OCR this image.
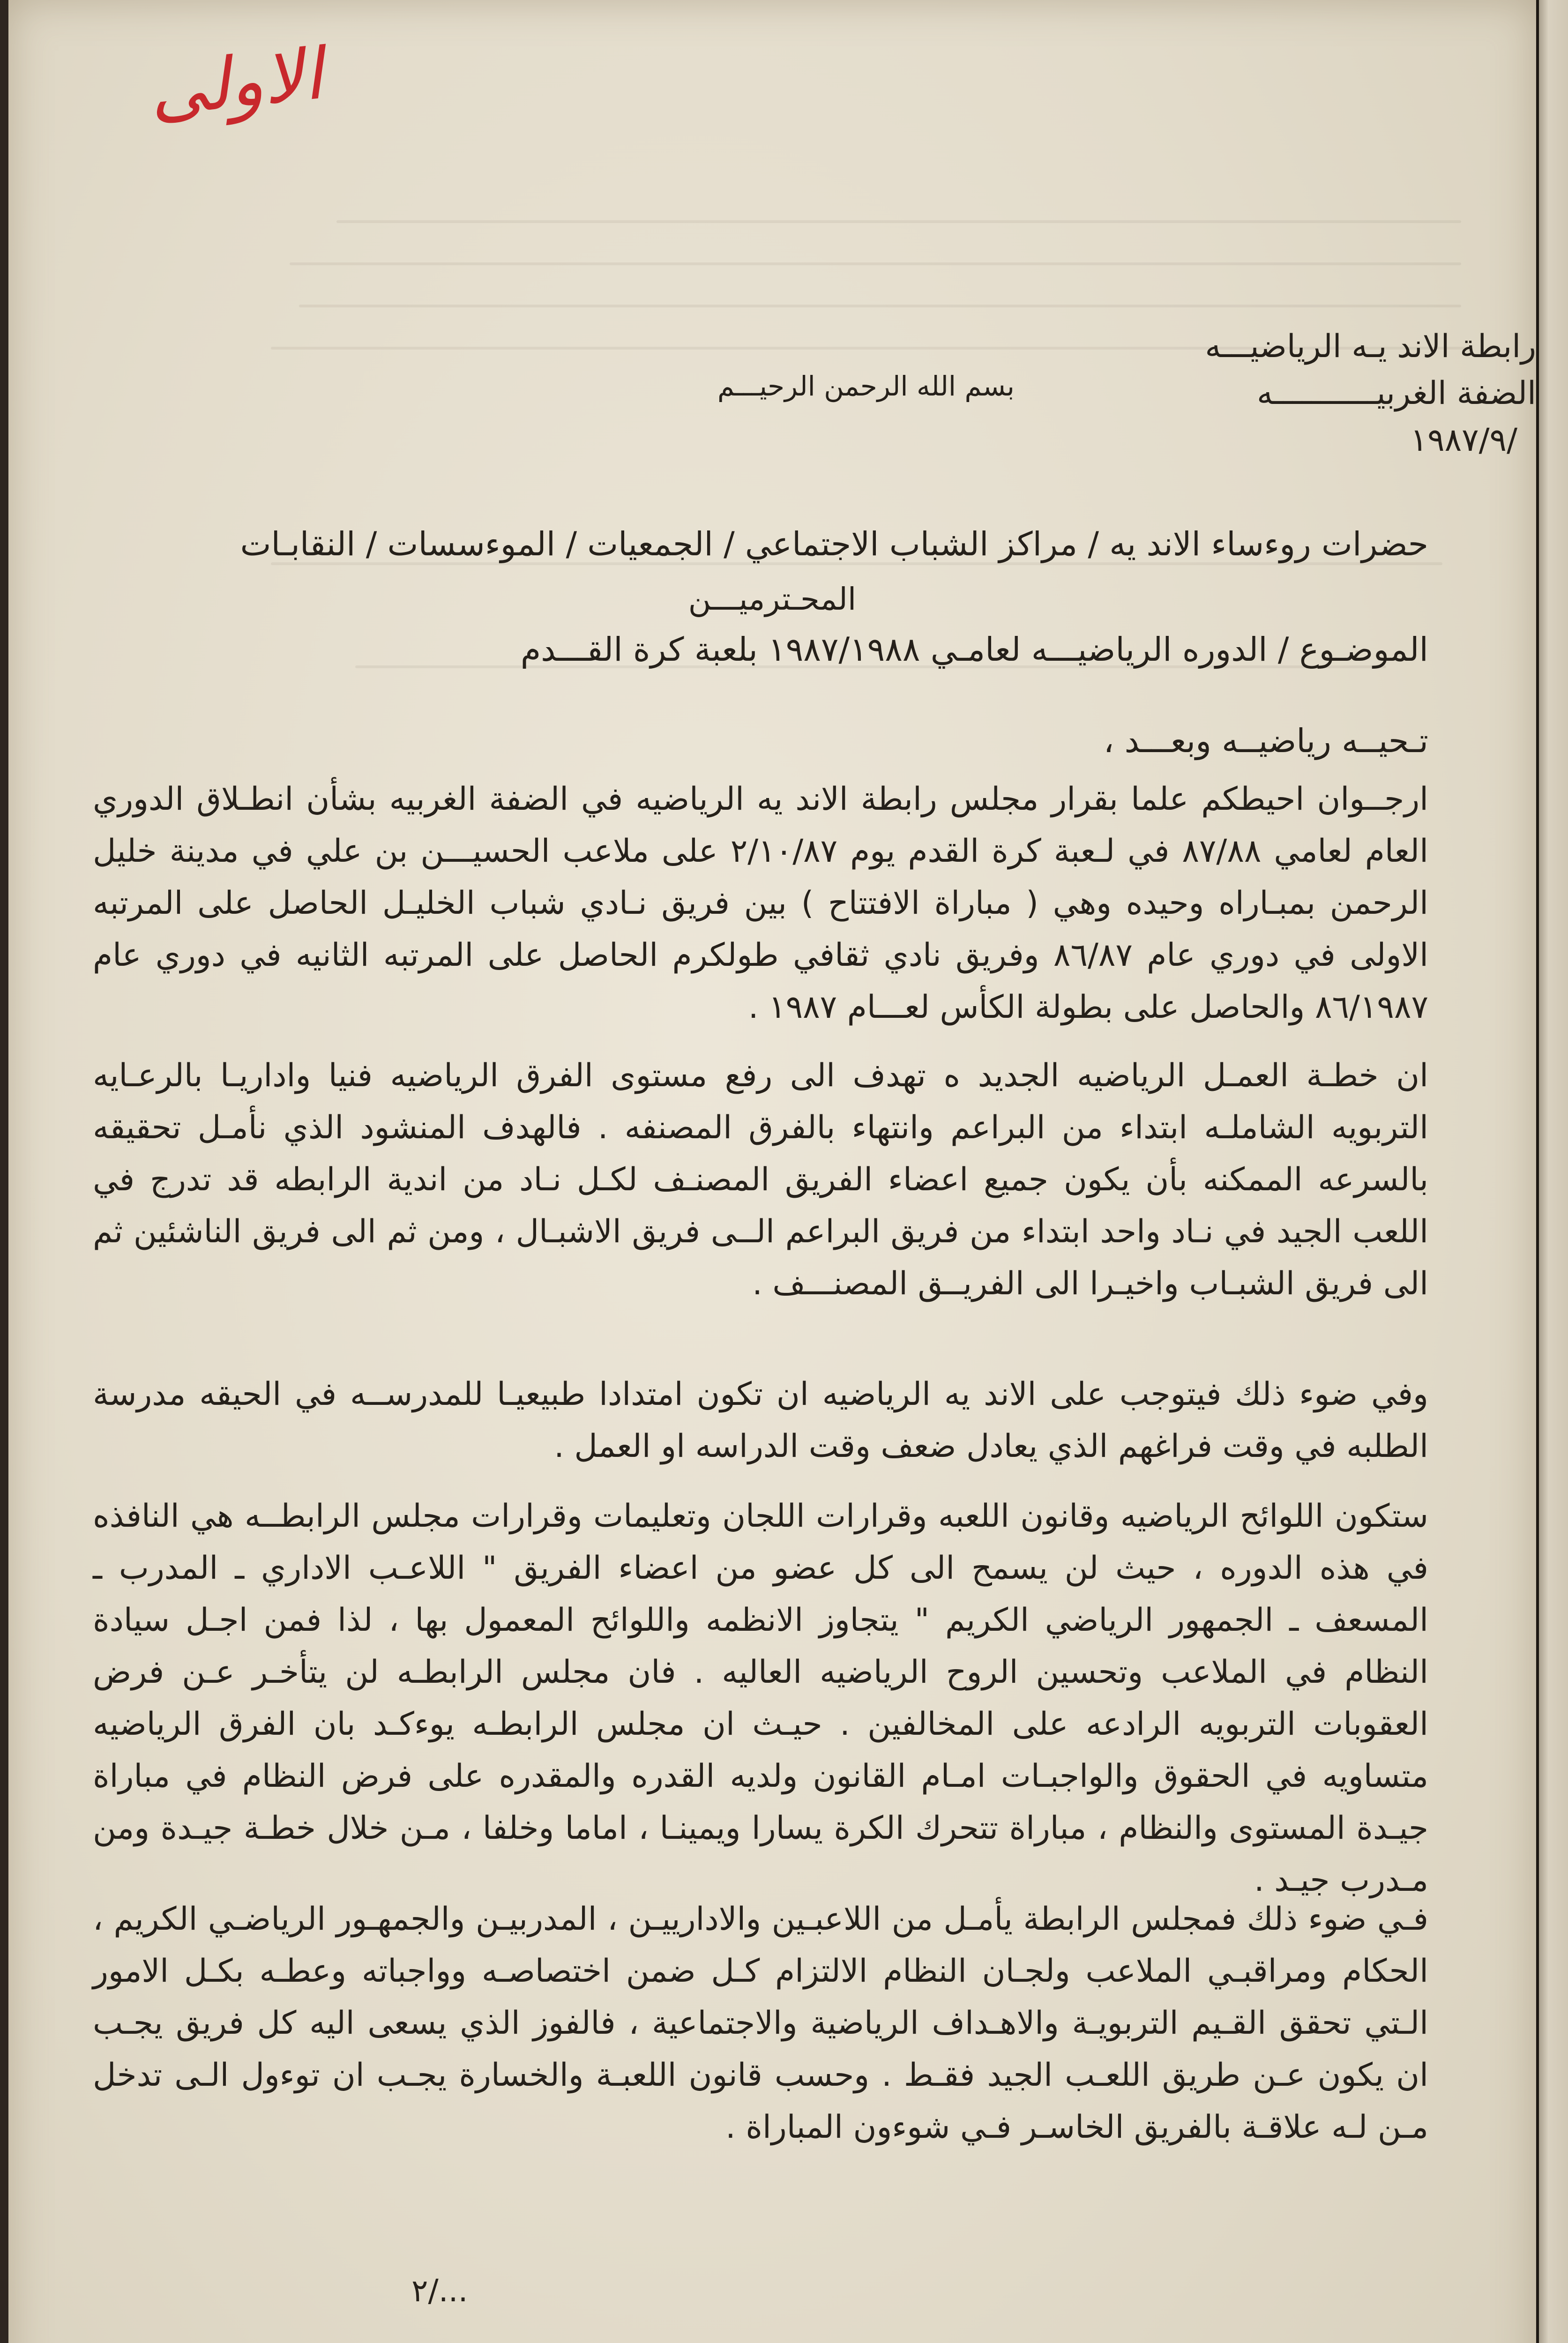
ﺍﻻﻭﻟﻰ
رابطة الاند يـه الرياضيـــه
الضفة الغربيـــــــــــه
١٩٨٧/٩/
بسم الله الرحمن الرحيـــم
حضرات روءساء الاند يه / مراكز الشباب الاجتماعي / الجمعيات / الموءسسات / النقابـات
المحـترميـــن
الموضـوع / الدوره الرياضيـــه لعامـي ١٩٨٧/١٩٨٨ بلعبة كرة القـــدم
تـحيــه رياضيــه وبعـــد ،
ارجــوان احيطكم علما بقرار مجلس رابطة الاند يه الرياضيه في الضفة الغربيه بشأن انطـلاق الدوري العام لعامي ٨٧/٨٨ في لـعبة كرة القدم يوم ٢/١٠/٨٧ على ملاعب الحسيـــن بن علي في مدينة خليل الرحمن بمبـاراه وحيده وهي ( مباراة الافتتاح ) بين فريق نـادي شباب الخليـل الحاصل على المرتبه الاولى في دوري عام ٨٦/٨٧ وفريق نادي ثقافي طولكرم الحاصل على المرتبه الثانيه في دوري عام ٨٦/١٩٨٧ والحاصل على بطولة الكأس لعـــام ١٩٨٧ .
ان خطـة العمـل الرياضيه الجديد ه تهدف الى رفع مستوى الفرق الرياضيه فنيا واداريـا بالرعـايه التربويه الشاملـه ابتداء من البراعم وانتهاء بالفرق المصنفه . فالهدف المنشود الذي نأمـل تحقيقه بالسرعه الممكنه بأن يكون جميع اعضاء الفريق المصنـف لكـل نـاد من اندية الرابطه قد تدرج في اللعب الجيد في نـاد واحد ابتداء من فريق البراعم الــى فريق الاشبـال ، ومن ثم الى فريق الناشئين ثم الى فريق الشبـاب واخيـرا الى الفريــق المصنـــف .
وفي ضوء ذلك فيتوجب على الاند يه الرياضيه ان تكون امتدادا طبيعيـا للمدرســه في الحيقه مدرسة الطلبه في وقت فراغهم الذي يعادل ضعف وقت الدراسه او العمل .
ستكون اللوائح الرياضيه وقانون اللعبه وقرارات اللجان وتعليمات وقرارات مجلس الرابطــه هي النافذه في هذه الدوره ، حيث لن يسمح الى كل عضو من اعضاء الفريق " اللاعـب الاداري ـ المدرب ـ المسعف ـ الجمهور الرياضي الكريم " يتجاوز الانظمه واللوائح المعمول بها ، لذا فمن اجـل سيادة النظام في الملاعب وتحسين الروح الرياضيه العاليه . فان مجلس الرابطـه لن يتأخـر عـن فرض العقوبات التربويه الرادعه على المخالفين . حيـث ان مجلس الرابطـه يوءكـد بان الفرق الرياضيه متساويه في الحقوق والواجبـات امـام القانون ولديه القدره والمقدره على فرض النظام في مباراة جيـدة المستوى والنظام ، مباراة تتحرك الكرة يسارا ويمينـا ، اماما وخلفا ، مـن خلال خطـة جيـدة ومن مـدرب جيـد .
فـي ضوء ذلك فمجلس الرابطة يأمـل من اللاعبـين والادارييـن ، المدربيـن والجمهـور الرياضـي الكريم ، الحكام ومراقبـي الملاعب ولجـان النظام الالتزام كـل ضمن اختصاصـه وواجباته وعطـه بكـل الامور الـتي تحقق القـيم التربويـة والاهـداف الرياضية والاجتماعية ، فالفوز الذي يسعى اليه كل فريق يجـب ان يكون عـن طريق اللعـب الجيد فقـط . وحسب قانون اللعبـة والخسارة يجـب ان توءول الـى تدخل مـن لـه علاقـة بالفريق الخاسـر فـي شوءون المباراة .
٢/...
